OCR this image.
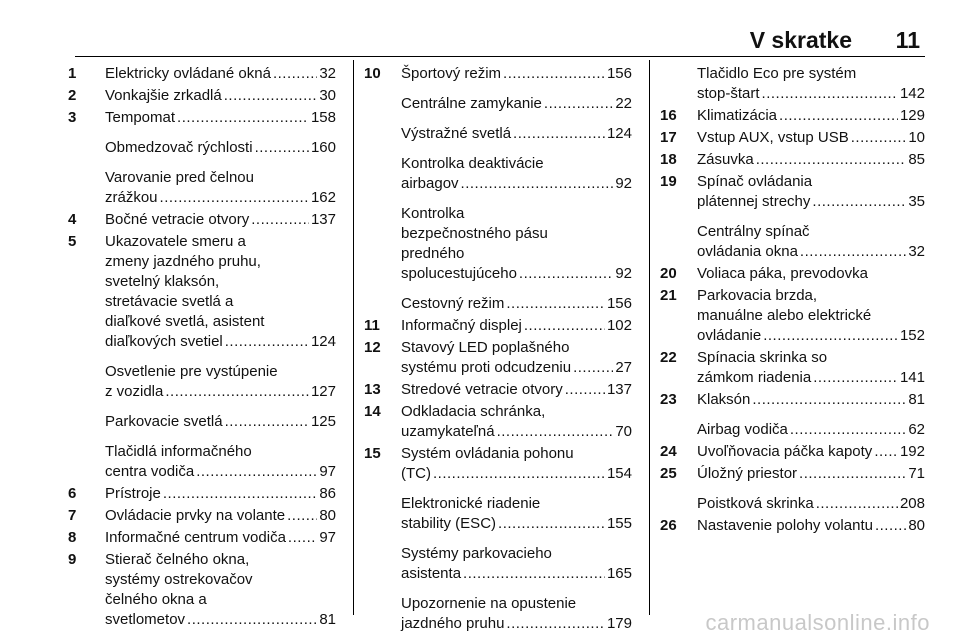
V skratke 11
1	Elektricky ovládané okná .....	32
2	Vonkajšie zrkadlá .....	30
3	Tempomat .....	158
Obmedzovač rýchlosti .....	160
Varovanie pred čelnou
zrážkou .....	162
4	Bočné vetracie otvory .....	137
5	Ukazovatele smeru a
zmeny jazdného pruhu,
svetelný klaksón,
stretávacie svetlá a
diaľkové svetlá, asistent
diaľkových svetiel .....	124
Osvetlenie pre vystúpenie
z vozidla .....	127
Parkovacie svetlá .....	125
Tlačidlá informačného
centra vodiča .....	97
6	Prístroje .....	86
7	Ovládacie prvky na volante ..... 80
8	Informačné centrum vodiča ..... 97
9	Stierač čelného okna,
systémy ostrekovačov
čelného okna a
svetlometov .....	81
10 Športový režim .....	156
Centrálne zamykanie .....	22
Výstražné svetlá .....	124
Kontrolka deaktivácie
airbagov .....	92
Kontrolka
bezpečnostného pásu
predného
spolucestujúceho .....	92
Cestovný režim .....	156
11 Informačný displej .....	102
12 Stavový LED poplašného
systému proti odcudzeniu .....	27
13 Stredové vetracie otvory .....	137
14 Odkladacia schránka,
uzamykateľná .....	70
15 Systém ovládania pohonu
(TC) .....	154
Elektronické riadenie
stability (ESC) .....	155
Systémy parkovacieho
asistenta .....	165
Upozornenie na opustenie
jazdného pruhu .....	179
Tlačidlo Eco pre systém
stop-štart .....	142
16 Klimatizácia .....	129
17 Vstup AUX, vstup USB .....	10
18 Zásuvka .....	85
19 Spínač ovládania
plátennej strechy .....	35
Centrálny spínač
ovládania okna .....	32
20 Voliaca páka, prevodovka
21 Parkovacia brzda,
manuálne alebo elektrické
ovládanie .....	152
22 Spínacia skrinka so
zámkom riadenia .....	141
23 Klaksón .....	81
Airbag vodiča .....	62
24 Uvoľňovacia páčka kapoty ..... 192
25 Úložný priestor .....	71
Poistková skrinka .....	208
26 Nastavenie polohy volantu ..... 80
carmanualsonline.info
